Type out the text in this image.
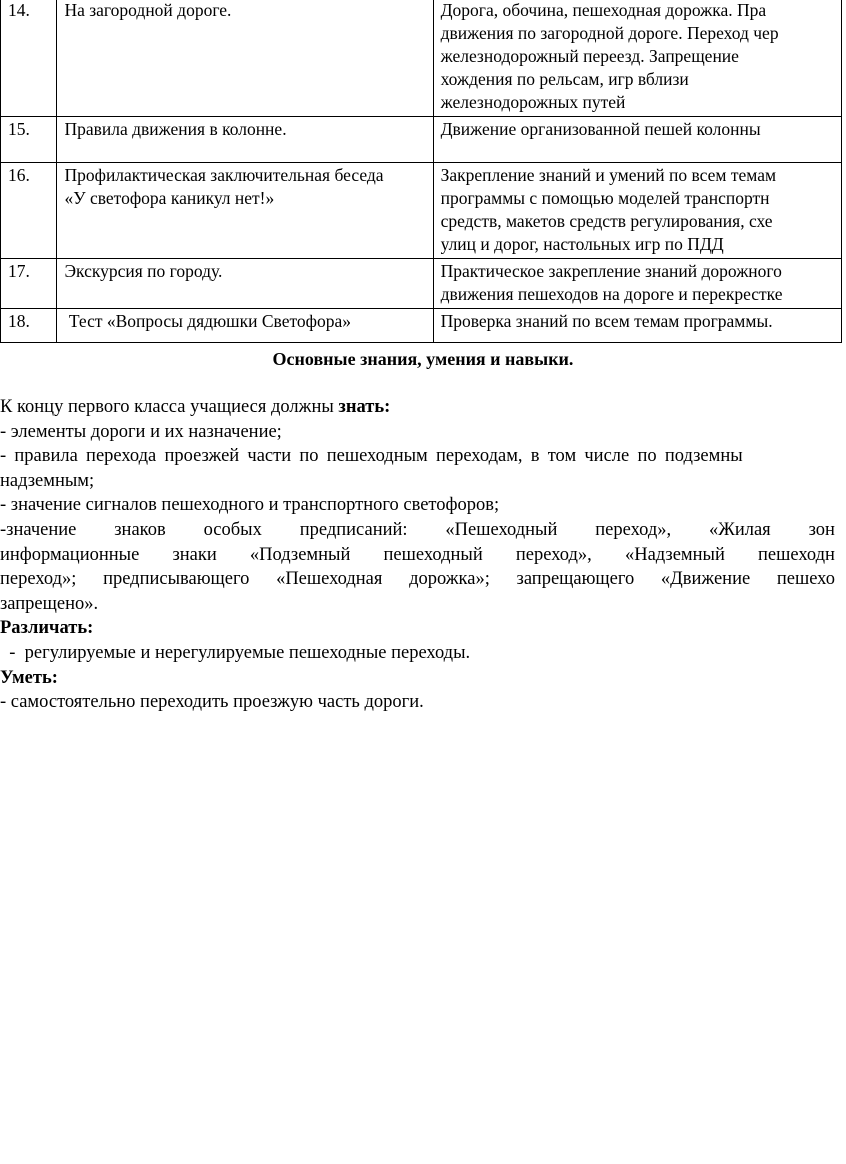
14.	На загородной дороге.	Дорога, обочина, пешеходная дорожка. Пра
движения по загородной дороге. Переход чер
железнодорожный переезд. Запрещение
хождения по рельсам, игр вблизи
железнодорожных путей

15.	Правила движения в колонне.	Движение организованной пешей колонны

16.	Профилактическая заключительная беседа
«У светофора каникул нет!»	Закрепление знаний и умений по всем темам
программы с помощью моделей транспортн
средств, макетов средств регулирования, схе
улиц и дорог, настольных игр по ПДД

17.	Экскурсия по городу.	Практическое закрепление знаний дорожного
движения пешеходов на дороге и перекрестке

18.	Тест «Вопросы дядюшки Светофора»	Проверка знаний по всем темам программы.
Основные знания, умения и навыки.

К концу первого класса учащиеся должны знать:

- элементы дороги и их назначение;

- правила перехода проезжей части по пешеходным переходам, в том числе по подземны

надземным;

- значение сигналов пешеходного и транспортного светофоров;

-значение знаков особых предписаний: «Пешеходный переход», «Жилая зон
информационные знаки «Подземный пешеходный переход», «Надземный пешеходн
переход»; предписывающего «Пешеходная дорожка»; запрещающего «Движение пешехо

запрещено».

Различать:

-  регулируемые и нерегулируемые пешеходные переходы.

Уметь:

- самостоятельно переходить проезжую часть дороги.
